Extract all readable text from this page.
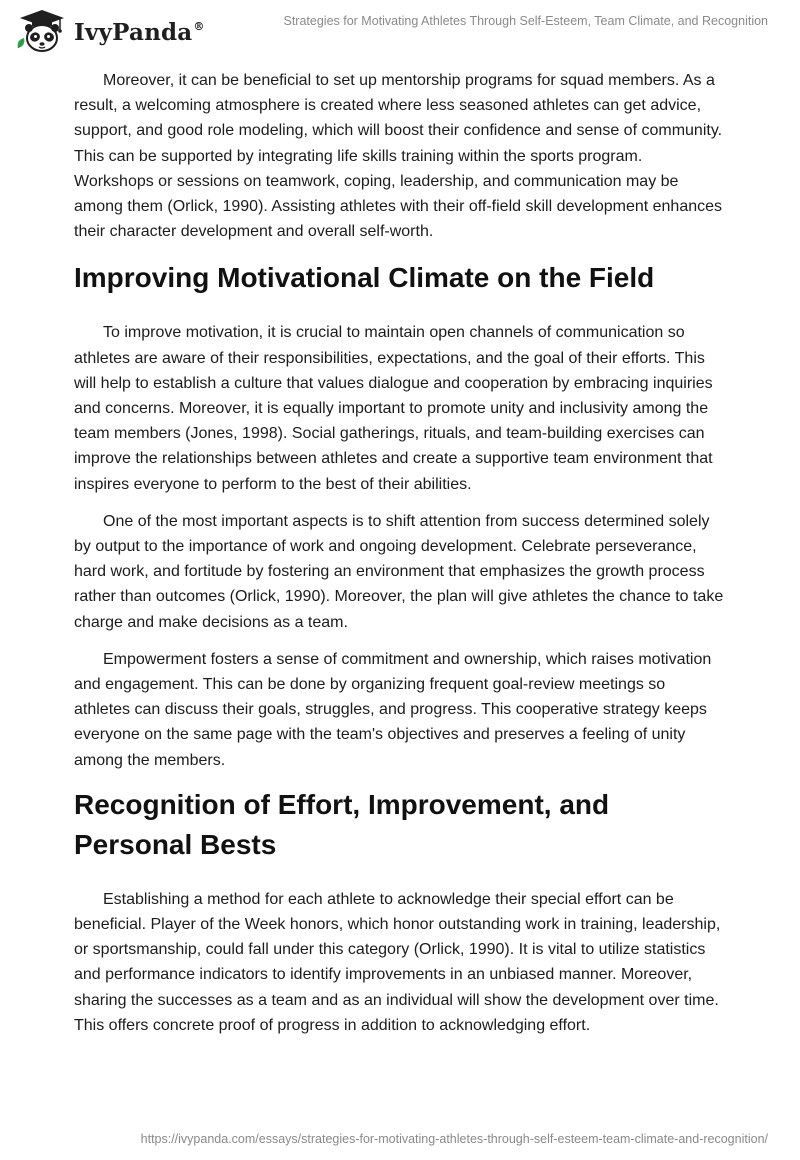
IvyPanda®	Strategies for Motivating Athletes Through Self-Esteem, Team Climate, and Recognition

Moreover, it can be beneficial to set up mentorship programs for squad members. As a result, a welcoming atmosphere is created where less seasoned athletes can get advice, support, and good role modeling, which will boost their confidence and sense of community. This can be supported by integrating life skills training within the sports program. Workshops or sessions on teamwork, coping, leadership, and communication may be among them (Orlick, 1990). Assisting athletes with their off-field skill development enhances their character development and overall self-worth.

Improving Motivational Climate on the Field

To improve motivation, it is crucial to maintain open channels of communication so athletes are aware of their responsibilities, expectations, and the goal of their efforts. This will help to establish a culture that values dialogue and cooperation by embracing inquiries and concerns. Moreover, it is equally important to promote unity and inclusivity among the team members (Jones, 1998). Social gatherings, rituals, and team-building exercises can improve the relationships between athletes and create a supportive team environment that inspires everyone to perform to the best of their abilities.

One of the most important aspects is to shift attention from success determined solely by output to the importance of work and ongoing development. Celebrate perseverance, hard work, and fortitude by fostering an environment that emphasizes the growth process rather than outcomes (Orlick, 1990). Moreover, the plan will give athletes the chance to take charge and make decisions as a team.

Empowerment fosters a sense of commitment and ownership, which raises motivation and engagement. This can be done by organizing frequent goal-review meetings so athletes can discuss their goals, struggles, and progress. This cooperative strategy keeps everyone on the same page with the team's objectives and preserves a feeling of unity among the members.

Recognition of Effort, Improvement, and Personal Bests

Establishing a method for each athlete to acknowledge their special effort can be beneficial. Player of the Week honors, which honor outstanding work in training, leadership, or sportsmanship, could fall under this category (Orlick, 1990). It is vital to utilize statistics and performance indicators to identify improvements in an unbiased manner. Moreover, sharing the successes as a team and as an individual will show the development over time. This offers concrete proof of progress in addition to acknowledging effort.

https://ivypanda.com/essays/strategies-for-motivating-athletes-through-self-esteem-team-climate-and-recognition/
